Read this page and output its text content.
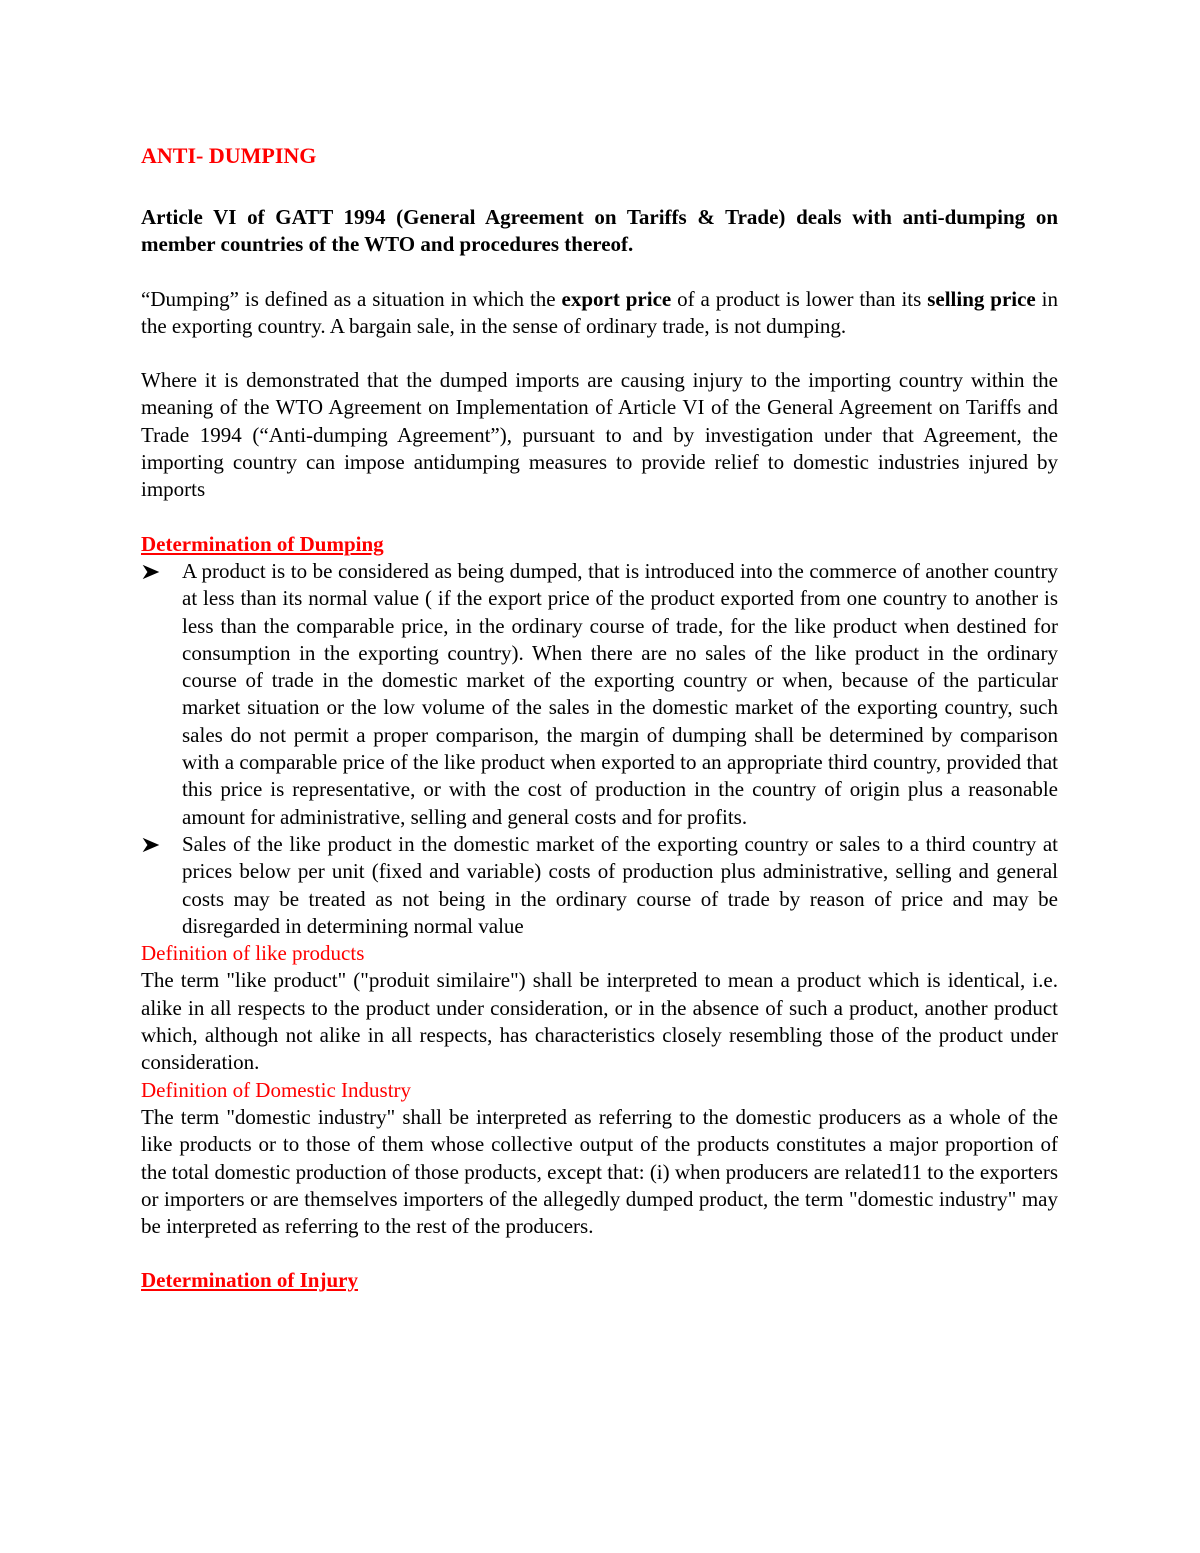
ANTI- DUMPING

Article VI of GATT 1994 (General Agreement on Tariffs & Trade) deals with anti-dumping on member countries of the WTO and procedures thereof.

“Dumping” is defined as a situation in which the export price of a product is lower than its selling price in the exporting country. A bargain sale, in the sense of ordinary trade, is not dumping.

Where it is demonstrated that the dumped imports are causing injury to the importing country within the meaning of the WTO Agreement on Implementation of Article VI of the General Agreement on Tariffs and Trade 1994 (“Anti-dumping Agreement”), pursuant to and by investigation under that Agreement, the importing country can impose antidumping measures to provide relief to domestic industries injured by imports

Determination of Dumping

A product is to be considered as being dumped, that is introduced into the commerce of another country at less than its normal value ( if the export price of the product exported from one country to another is less than the comparable price, in the ordinary course of trade, for the like product when destined for consumption in the exporting country). When there are no sales of the like product in the ordinary course of trade in the domestic market of the exporting country or when, because of the particular market situation or the low volume of the sales in the domestic market of the exporting country, such sales do not permit a proper comparison, the margin of dumping shall be determined by comparison with a comparable price of the like product when exported to an appropriate third country, provided that this price is representative, or with the cost of production in the country of origin plus a reasonable amount for administrative, selling and general costs and for profits.
Sales of the like product in the domestic market of the exporting country or sales to a third country at prices below per unit (fixed and variable) costs of production plus administrative, selling and general costs may be treated as not being in the ordinary course of trade by reason of price and may be disregarded in determining normal value

Definition of like products

The term "like product" ("produit similaire") shall be interpreted to mean a product which is identical, i.e. alike in all respects to the product under consideration, or in the absence of such a product, another product which, although not alike in all respects, has characteristics closely resembling those of the product under consideration.

Definition of Domestic Industry

The term "domestic industry" shall be interpreted as referring to the domestic producers as a whole of the like products or to those of them whose collective output of the products constitutes a major proportion of the total domestic production of those products, except that: (i) when producers are related11 to the exporters or importers or are themselves importers of the allegedly dumped product, the term "domestic industry" may be interpreted as referring to the rest of the producers.

Determination of Injury
